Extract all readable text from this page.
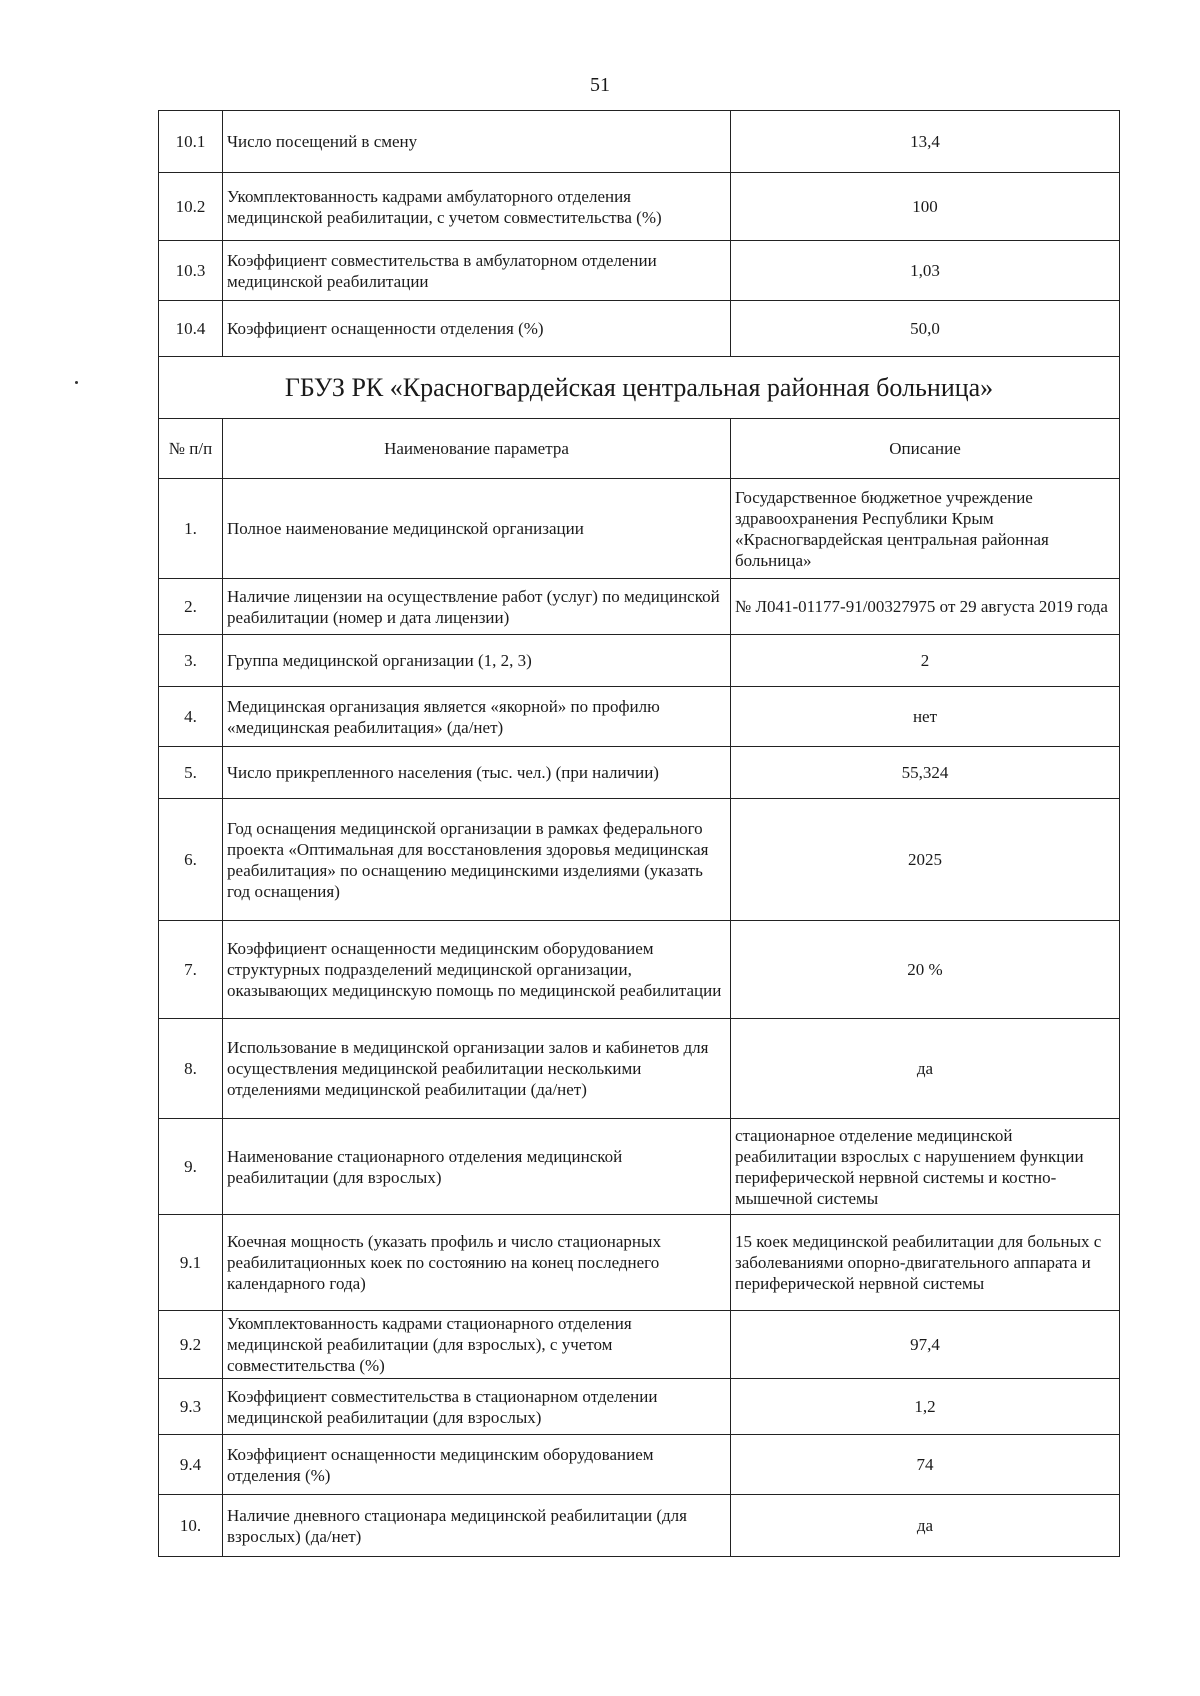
51
10.1	Число посещений в смену	13,4
10.2	Укомплектованность кадрами амбулаторного отделения медицинской реабилитации, с учетом совместительства (%)	100
10.3	Коэффициент совместительства в амбулаторном отделении медицинской реабилитации	1,03
10.4	Коэффициент оснащенности отделения (%)	50,0
ГБУЗ РК «Красногвардейская центральная районная больница»		
№ п/п	Наименование параметра	Описание
1.	Полное наименование медицинской организации	Государственное бюджетное учреждение здравоохранения Республики Крым «Красногвардейская центральная районная больница»
2.	Наличие лицензии на осуществление работ (услуг) по медицинской реабилитации (номер и дата лицензии)	№ Л041-01177-91/00327975 от 29 августа 2019 года
3.	Группа медицинской организации (1, 2, 3)	2
4.	Медицинская организация является «якорной» по профилю «медицинская реабилитация» (да/нет)	нет
5.	Число прикрепленного населения (тыс. чел.) (при наличии)	55,324
6.	Год оснащения медицинской организации в рамках федерального проекта «Оптимальная для восстановления здоровья медицинская реабилитация» по оснащению медицинскими изделиями (указать год оснащения)	2025
7.	Коэффициент оснащенности медицинским оборудованием структурных подразделений медицинской организации, оказывающих медицинскую помощь по медицинской реабилитации	20 %
8.	Использование в медицинской организации залов и кабинетов для осуществления медицинской реабилитации несколькими отделениями медицинской реабилитации (да/нет)	да
9.	Наименование стационарного отделения медицинской реабилитации (для взрослых)	стационарное отделение медицинской реабилитации взрослых с нарушением функции периферической нервной системы и костно-мышечной системы
9.1	Коечная мощность (указать профиль и число стационарных реабилитационных коек по состоянию на конец последнего календарного года)	15 коек медицинской реабилитации для больных с заболеваниями опорно-двигательного аппарата и периферической нервной системы
9.2	Укомплектованность кадрами стационарного отделения медицинской реабилитации (для взрослых), с учетом совместительства (%)	97,4
9.3	Коэффициент совместительства в стационарном отделении медицинской реабилитации (для взрослых)	1,2
9.4	Коэффициент оснащенности медицинским оборудованием отделения (%)	74
10.	Наличие дневного стационара медицинской реабилитации (для взрослых) (да/нет)	да
